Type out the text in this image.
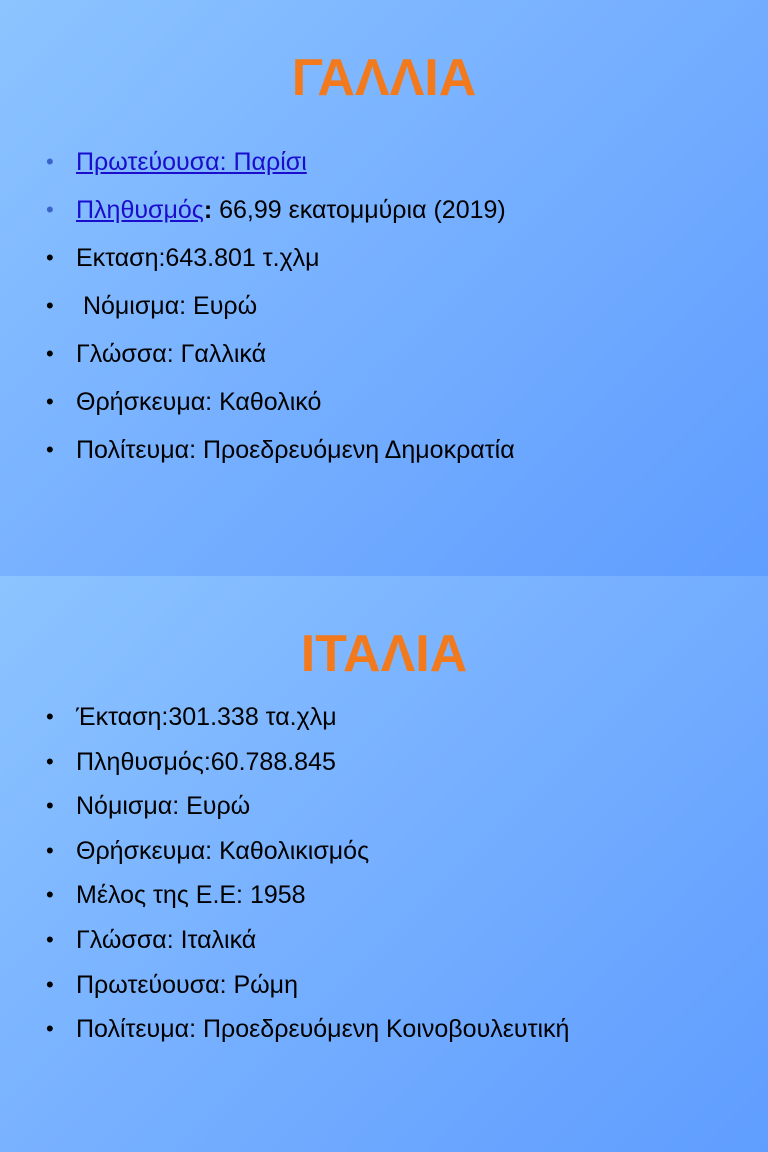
ΓΑΛΛΙΑ
• Πρωτεύουσα: Παρίσι
• Πληθυσμός: 66,99 εκατομμύρια (2019)
• Εκταση:643.801 τ.χλμ
• Νόμισμα: Ευρώ
• Γλώσσα: Γαλλικά
• Θρήσκευμα: Καθολικό
• Πολίτευμα: Προεδρευόμενη Δημοκρατία
ΙΤΑΛΙΑ
• Έκταση:301.338 τα.χλμ
• Πληθυσμός:60.788.845
• Νόμισμα: Ευρώ
• Θρήσκευμα: Καθολικισμός
• Μέλος της Ε.Ε: 1958
• Γλώσσα: Ιταλικά
• Πρωτεύουσα: Ρώμη
• Πολίτευμα: Προεδρευόμενη Κοινοβουλευτική
